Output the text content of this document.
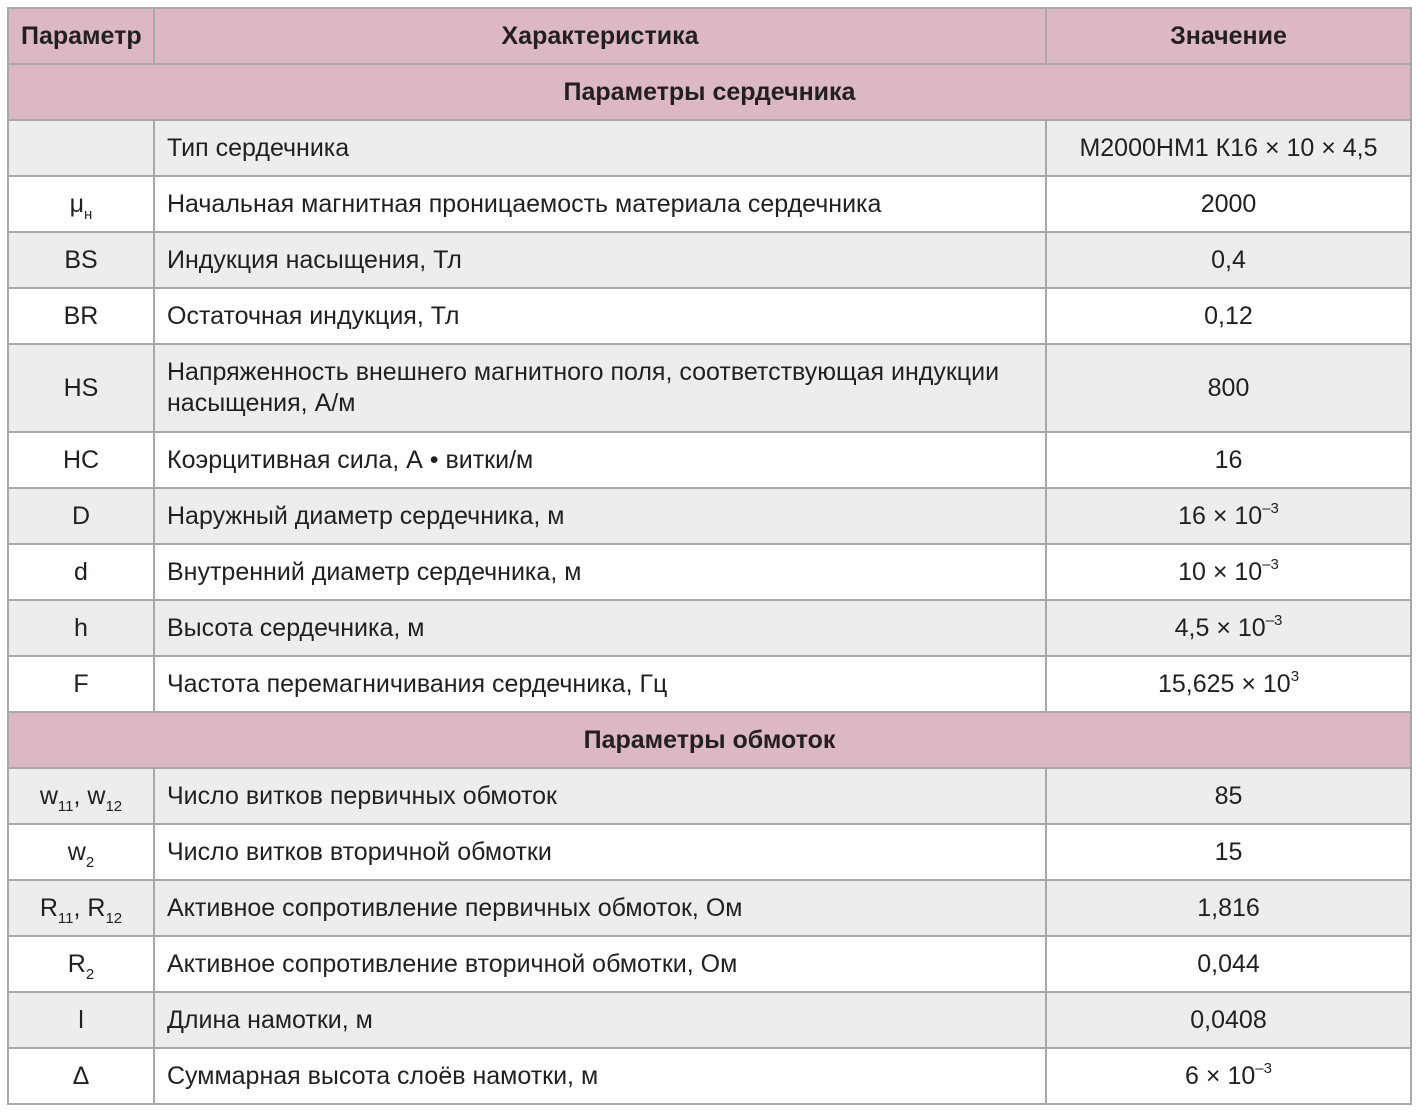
Параметр	Характеристика	Значение
Параметры сердечника		
	Тип сердечника	М2000НМ1 К16 × 10 × 4,5
$\mu_н$	Начальная магнитная проницаемость материала сердечника	2000
BS	Индукция насыщения, Тл	0,4
BR	Остаточная индукция, Тл	0,12
HS	Напряженность внешнего магнитного поля, соответствующая индукции насыщения, А/м	800
HC	Коэрцитивная сила, А • витки/м	16
D	Наружный диаметр сердечника, м	$16 \times 10^{-3}$
d	Внутренний диаметр сердечника, м	$10 \times 10^{-3}$
h	Высота сердечника, м	$4,5 \times 10^{-3}$
F	Частота перемагничивания сердечника, Гц	$15,625 \times 10^3$
Параметры обмоток		
$w_{11}$, $w_{12}$	Число витков первичных обмоток	85
$w_2$	Число витков вторичной обмотки	15
$R_{11}$, $R_{12}$	Активное сопротивление первичных обмоток, Ом	1,816
$R_2$	Активное сопротивление вторичной обмотки, Ом	0,044
l	Длина намотки, м	0,0408
Δ	Суммарная высота слоёв намотки, м	$6 \times 10^{-3}$
